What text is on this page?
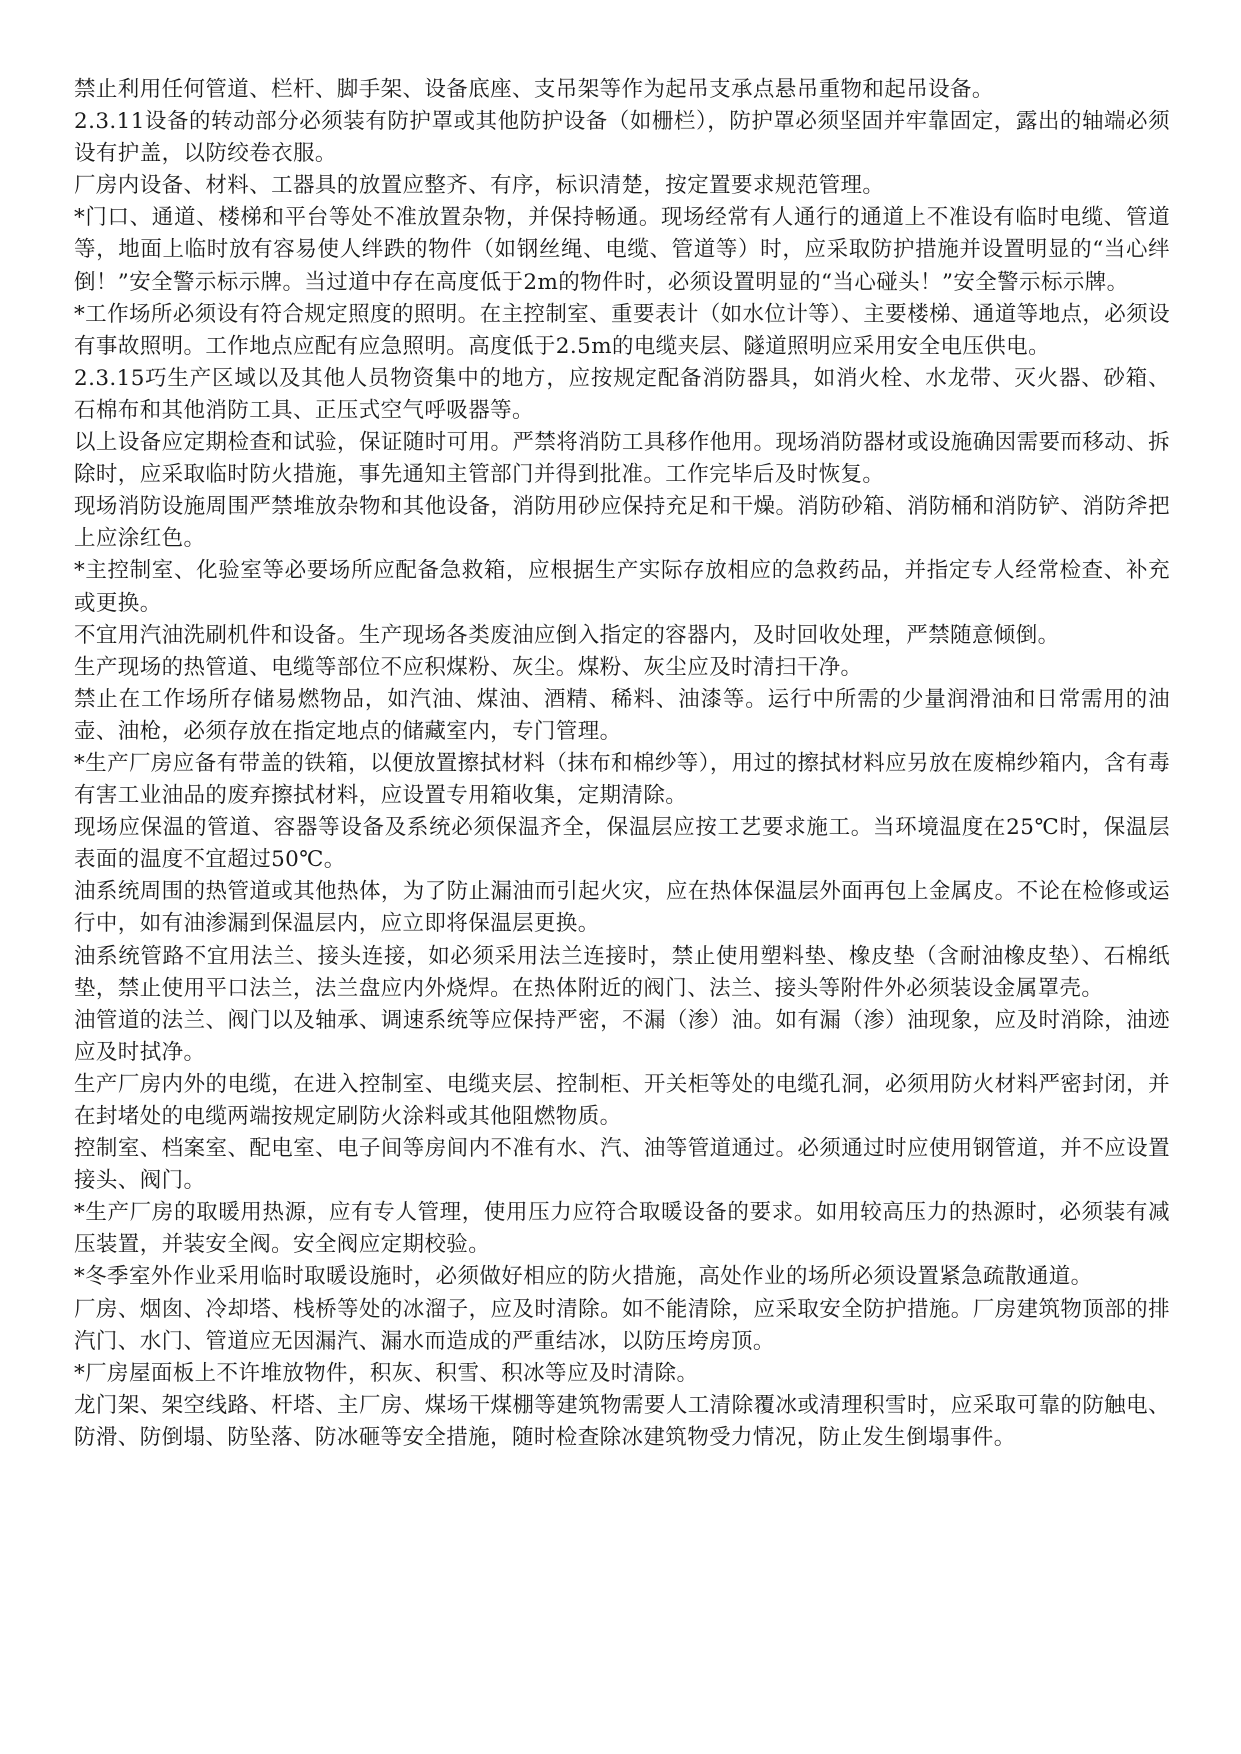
禁止利用任何管道、栏杆、脚手架、设备底座、支吊架等作为起吊支承点悬吊重物和起吊设备。

2.3.11设备的转动部分必须装有防护罩或其他防护设备（如栅栏），防护罩必须坚固并牢靠固定，露出的轴端必须设有护盖，以防绞卷衣服。

厂房内设备、材料、工器具的放置应整齐、有序，标识清楚，按定置要求规范管理。

*门口、通道、楼梯和平台等处不准放置杂物，并保持畅通。现场经常有人通行的通道上不准设有临时电缆、管道等，地面上临时放有容易使人绊跌的物件（如钢丝绳、电缆、管道等）时，应采取防护措施并设置明显的“当心绊倒！”安全警示标示牌。当过道中存在高度低于2m的物件时，必须设置明显的“当心碰头！”安全警示标示牌。

*工作场所必须设有符合规定照度的照明。在主控制室、重要表计（如水位计等）、主要楼梯、通道等地点，必须设有事故照明。工作地点应配有应急照明。高度低于2.5m的电缆夹层、隧道照明应采用安全电压供电。

2.3.15巧生产区域以及其他人员物资集中的地方，应按规定配备消防器具，如消火栓、水龙带、灭火器、砂箱、石棉布和其他消防工具、正压式空气呼吸器等。

以上设备应定期检查和试验，保证随时可用。严禁将消防工具移作他用。现场消防器材或设施确因需要而移动、拆除时，应采取临时防火措施，事先通知主管部门并得到批准。工作完毕后及时恢复。

现场消防设施周围严禁堆放杂物和其他设备，消防用砂应保持充足和干燥。消防砂箱、消防桶和消防铲、消防斧把上应涂红色。

*主控制室、化验室等必要场所应配备急救箱，应根据生产实际存放相应的急救药品，并指定专人经常检查、补充或更换。

不宜用汽油洗刷机件和设备。生产现场各类废油应倒入指定的容器内，及时回收处理，严禁随意倾倒。

生产现场的热管道、电缆等部位不应积煤粉、灰尘。煤粉、灰尘应及时清扫干净。

禁止在工作场所存储易燃物品，如汽油、煤油、酒精、稀料、油漆等。运行中所需的少量润滑油和日常需用的油壶、油枪，必须存放在指定地点的储藏室内，专门管理。

*生产厂房应备有带盖的铁箱，以便放置擦拭材料（抹布和棉纱等），用过的擦拭材料应另放在废棉纱箱内，含有毒有害工业油品的废弃擦拭材料，应设置专用箱收集，定期清除。

现场应保温的管道、容器等设备及系统必须保温齐全，保温层应按工艺要求施工。当环境温度在25℃时，保温层表面的温度不宜超过50℃。

油系统周围的热管道或其他热体，为了防止漏油而引起火灾，应在热体保温层外面再包上金属皮。不论在检修或运行中，如有油渗漏到保温层内，应立即将保温层更换。

油系统管路不宜用法兰、接头连接，如必须采用法兰连接时，禁止使用塑料垫、橡皮垫（含耐油橡皮垫）、石棉纸垫，禁止使用平口法兰，法兰盘应内外烧焊。在热体附近的阀门、法兰、接头等附件外必须装设金属罩壳。

油管道的法兰、阀门以及轴承、调速系统等应保持严密，不漏（渗）油。如有漏（渗）油现象，应及时消除，油迹应及时拭净。

生产厂房内外的电缆，在进入控制室、电缆夹层、控制柜、开关柜等处的电缆孔洞，必须用防火材料严密封闭，并在封堵处的电缆两端按规定刷防火涂料或其他阻燃物质。

控制室、档案室、配电室、电子间等房间内不准有水、汽、油等管道通过。必须通过时应使用钢管道，并不应设置接头、阀门。

*生产厂房的取暖用热源，应有专人管理，使用压力应符合取暖设备的要求。如用较高压力的热源时，必须装有减压装置，并装安全阀。安全阀应定期校验。

*冬季室外作业采用临时取暖设施时，必须做好相应的防火措施，高处作业的场所必须设置紧急疏散通道。

厂房、烟囱、冷却塔、栈桥等处的冰溜子，应及时清除。如不能清除，应采取安全防护措施。厂房建筑物顶部的排汽门、水门、管道应无因漏汽、漏水而造成的严重结冰，以防压垮房顶。

*厂房屋面板上不许堆放物件，积灰、积雪、积冰等应及时清除。

龙门架、架空线路、杆塔、主厂房、煤场干煤棚等建筑物需要人工清除覆冰或清理积雪时，应采取可靠的防触电、防滑、防倒塌、防坠落、防冰砸等安全措施，随时检查除冰建筑物受力情况，防止发生倒塌事件。
